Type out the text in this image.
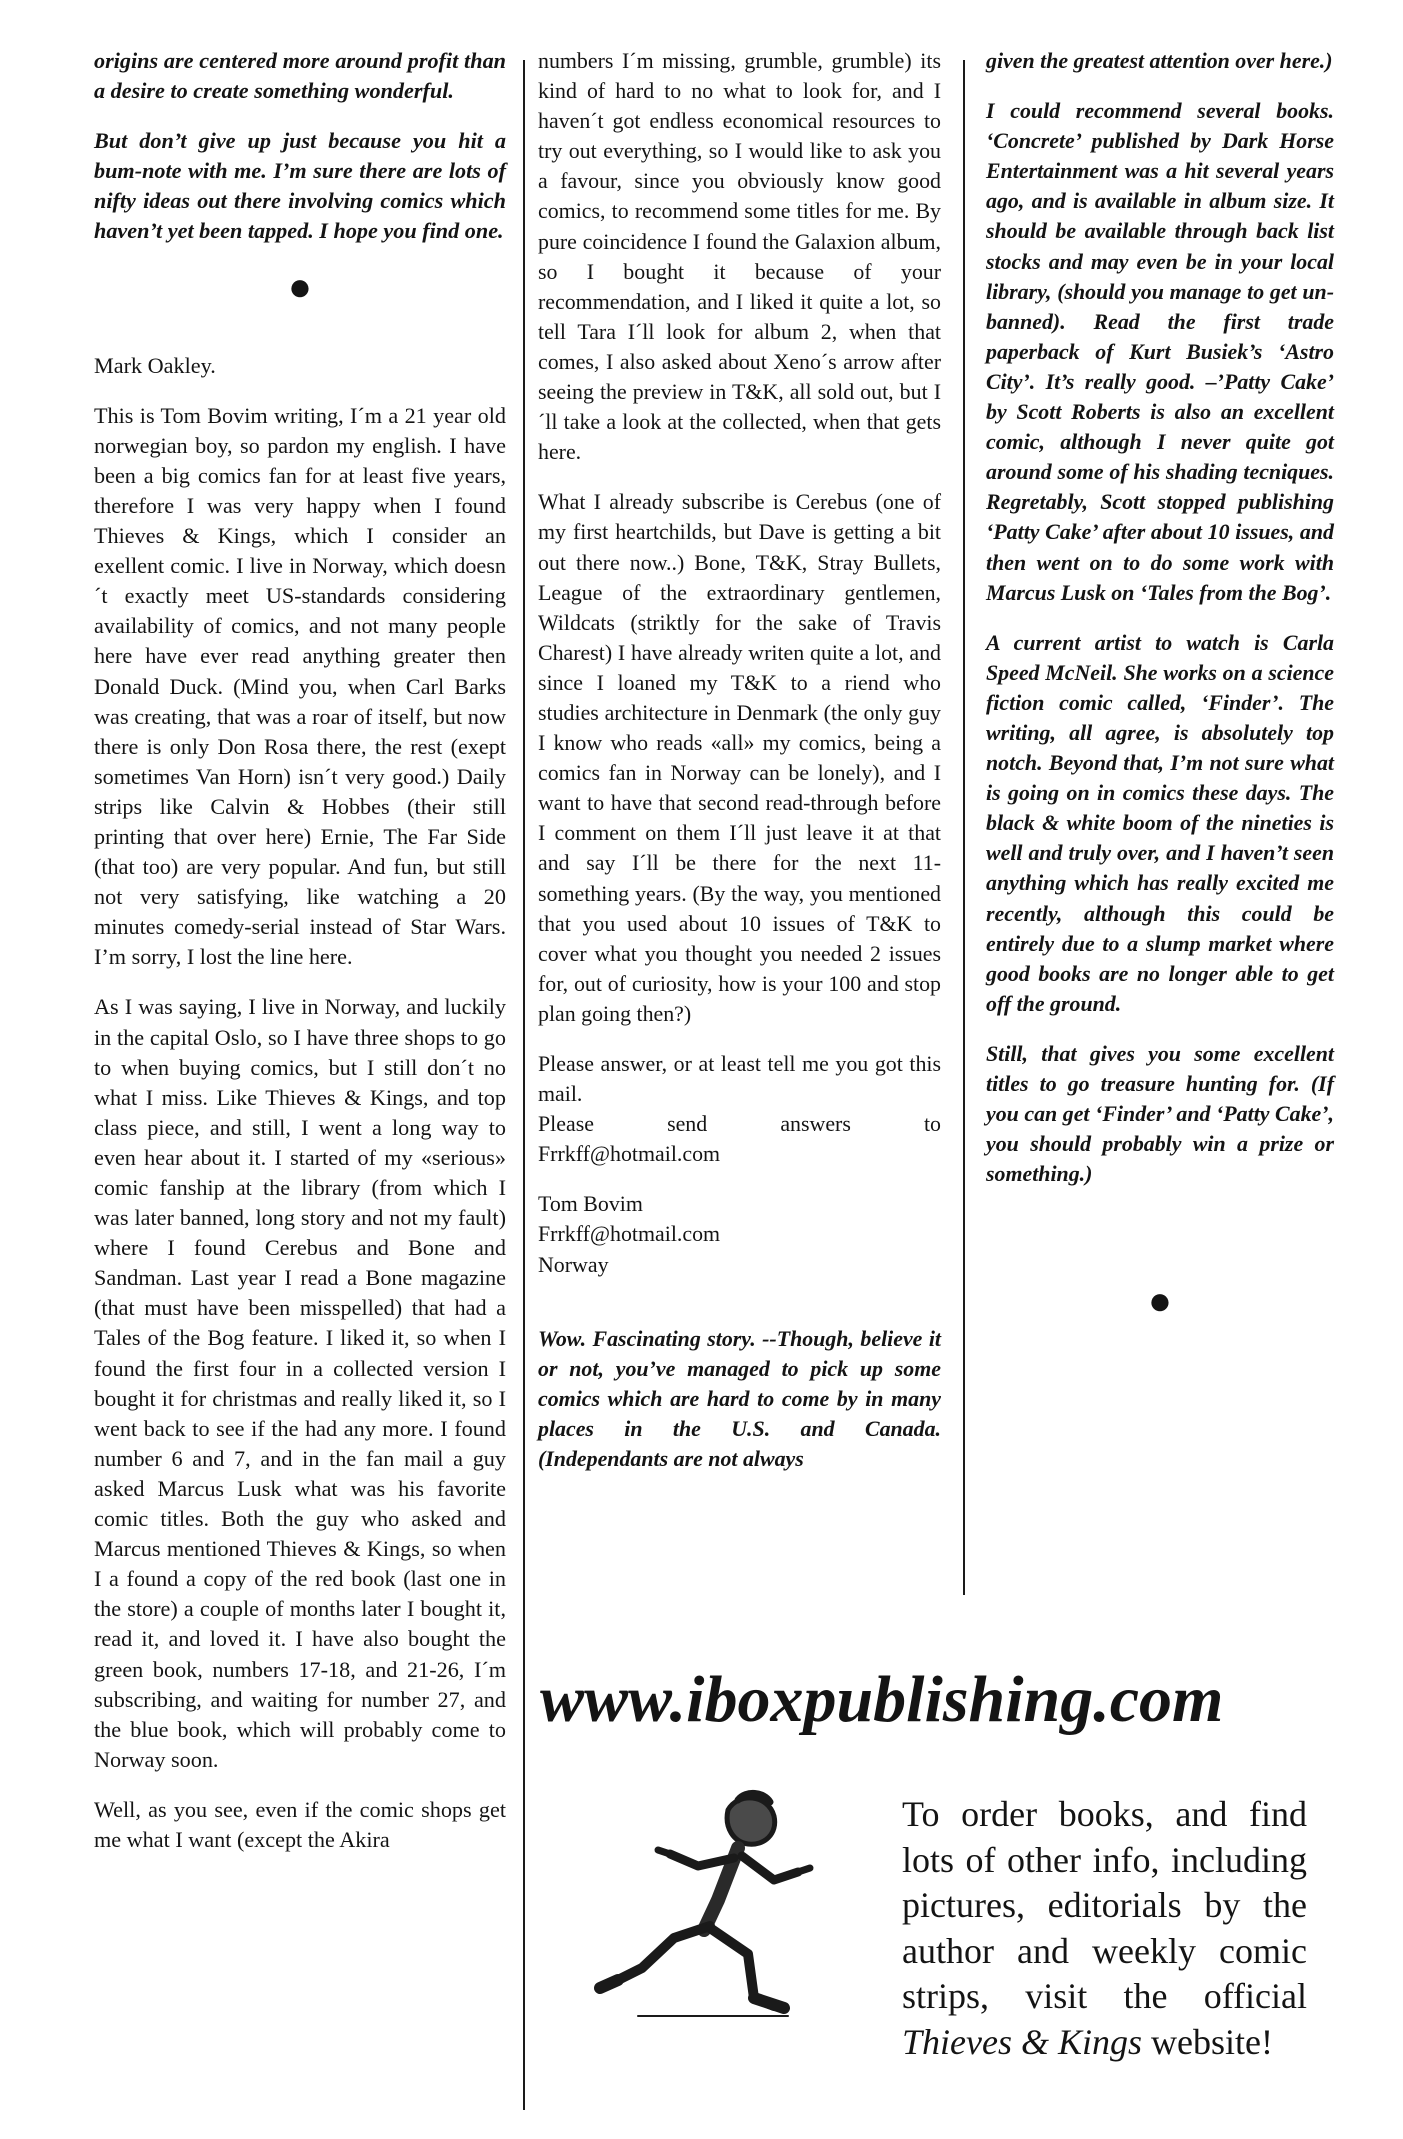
origins are centered more around profit than a desire to create something wonderful.

But don’t give up just because you hit a bum-note with me. I’m sure there are lots of nifty ideas out there involving comics which haven’t yet been tapped. I hope you find one.

●

Mark Oakley.

This is Tom Bovim writing, I´m a 21 year old norwegian boy, so pardon my english. I have been a big comics fan for at least five years, therefore I was very happy when I found Thieves & Kings, which I consider an exellent comic. I live in Norway, which doesn´t exactly meet US-standards considering availability of comics, and not many people here have ever read anything greater then Donald Duck. (Mind you, when Carl Barks was creating, that was a roar of itself, but now there is only Don Rosa there, the rest (exept sometimes Van Horn) isn´t very good.) Daily strips like Calvin & Hobbes (their still printing that over here) Ernie, The Far Side (that too) are very popular. And fun, but still not very satisfying, like watching a 20 minutes comedy-serial instead of Star Wars. I’m sorry, I lost the line here.

As I was saying, I live in Norway, and luckily in the capital Oslo, so I have three shops to go to when buying comics, but I still don´t no what I miss. Like Thieves & Kings, and top class piece, and still, I went a long way to even hear about it. I started of my «serious» comic fanship at the library (from which I was later banned, long story and not my fault) where I found Cerebus and Bone and Sandman. Last year I read a Bone magazine (that must have been misspelled) that had a Tales of the Bog feature. I liked it, so when I found the first four in a collected version I bought it for christmas and really liked it, so I went back to see if the had any more. I found number 6 and 7, and in the fan mail a guy asked Marcus Lusk what was his favorite comic titles. Both the guy who asked and Marcus mentioned Thieves & Kings, so when I a found a copy of the red book (last one in the store) a couple of months later I bought it, read it, and loved it. I have also bought the green book, numbers 17-18, and 21-26, I´m subscribing, and waiting for number 27, and the blue book, which will probably come to Norway soon.

Well, as you see, even if the comic shops get me what I want (except the Akira

numbers I´m missing, grumble, grumble) its kind of hard to no what to look for, and I haven´t got endless economical resources to try out everything, so I would like to ask you a favour, since you obviously know good comics, to recommend some titles for me. By pure coincidence I found the Galaxion album, so I bought it because of your recommendation, and I liked it quite a lot, so tell Tara I´ll look for album 2, when that comes, I also asked about Xeno´s arrow after seeing the preview in T&K, all sold out, but I´ll take a look at the collected, when that gets here.

What I already subscribe is Cerebus (one of my first heartchilds, but Dave is getting a bit out there now..) Bone, T&K, Stray Bullets, League of the extraordinary gentlemen, Wildcats (striktly for the sake of Travis Charest) I have already writen quite a lot, and since I loaned my T&K to a riend who studies architecture in Denmark (the only guy I know who reads «all» my comics, being a comics fan in Norway can be lonely), and I want to have that second read-through before I comment on them I´ll just leave it at that and say I´ll be there for the next 11-something years. (By the way, you mentioned that you used about 10 issues of T&K to cover what you thought you needed 2 issues for, out of curiosity, how is your 100 and stop plan going then?)

Please answer, or at least tell me you got this mail.
Please	send	answers	to
Frrkff@hotmail.com
Tom Bovim
Frrkff@hotmail.com
Norway

Wow. Fascinating story. --Though, believe it or not, you’ve managed to pick up some comics which are hard to come by in many places in the U.S. and Canada. (Independants are not always

given the greatest attention over here.)

I could recommend several books. ‘Concrete’ published by Dark Horse Entertainment was a hit several years ago, and is available in album size. It should be available through back list stocks and may even be in your local library, (should you manage to get un-banned). Read the first trade paperback of Kurt Busiek’s ‘Astro City’. It’s really good. –’Patty Cake’ by Scott Roberts is also an excellent comic, although I never quite got around some of his shading tecniques. Regretably, Scott stopped publishing ‘Patty Cake’ after about 10 issues, and then went on to do some work with Marcus Lusk on ‘Tales from the Bog’.

A current artist to watch is Carla Speed McNeil. She works on a science fiction comic called, ‘Finder’. The writing, all agree, is absolutely top notch. Beyond that, I’m not sure what is going on in comics these days. The black & white boom of the nineties is well and truly over, and I haven’t seen anything which has really excited me recently, although this could be entirely due to a slump market where good books are no longer able to get off the ground.

Still, that gives you some excellent titles to go treasure hunting for. (If you can get ‘Finder’ and ‘Patty Cake’, you should probably win a prize or something.)

●
www.iboxpublishing.com
To order books, and find lots of other info, including pictures, editorials by the author and weekly comic strips, visit the official Thieves & Kings website!
